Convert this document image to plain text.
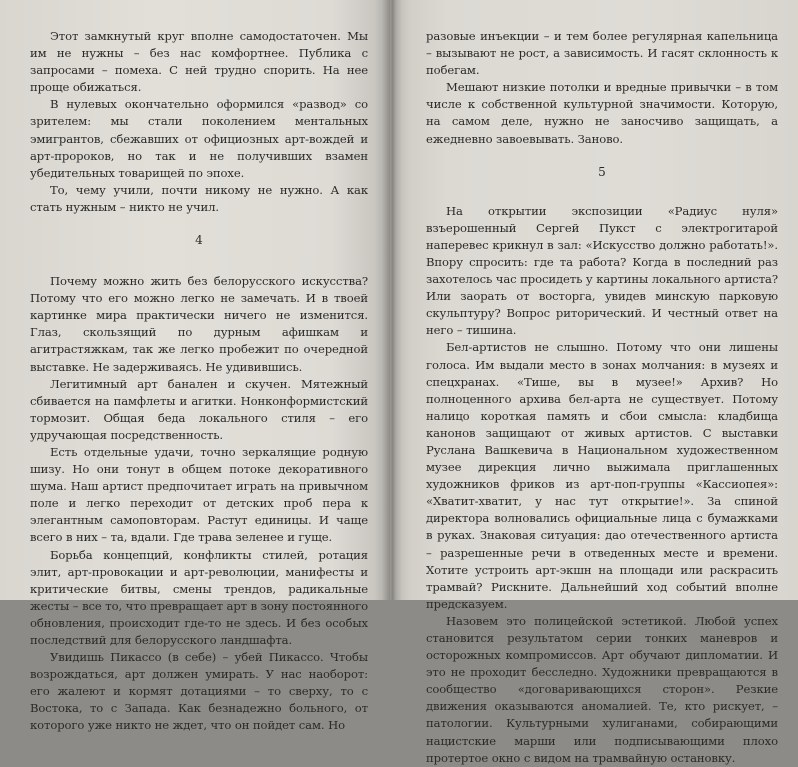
Этот замкнутый круг вполне самодостаточен. Мы им не нужны – без нас комфортнее. Публика с запросами – помеха. С ней трудно спорить. На нее проще обижаться.

В нулевых окончательно оформился «развод» со зрителем: мы стали поколением ментальных эмигрантов, сбежавших от официозных арт-вождей и арт-пророков, но так и не получивших взамен убедительных товарищей по эпохе.

То, чему учили, почти никому не нужно. А как стать нужным – никто не учил.

4

Почему можно жить без белорусского искусства? Потому что его можно легко не замечать. И в твоей картинке мира практически ничего не изменится. Глаз, скользящий по дурным афишкам и агитрастяжкам, так же легко пробежит по очередной выставке. Не задерживаясь. Не удивившись.

Легитимный арт банален и скучен. Мятежный сбивается на памфлеты и агитки. Нонконформистский тормозит. Общая беда локального стиля – его удручающая посредственность.

Есть отдельные удачи, точно зеркалящие родную шизу. Но они тонут в общем потоке декоративного шума. Наш артист предпочитает играть на привычном поле и легко переходит от детских проб пера к элегантным самоповторам. Растут единицы. И чаще всего в них – та, вдали. Где трава зеленее и гуще.

Борьба концепций, конфликты стилей, ротация элит, арт-провокации и арт-революции, манифесты и критические битвы, смены трендов, радикальные жесты – все то, что превращает арт в зону постоянного обновления, происходит где-то не здесь. И без особых последствий для белорусского ландшафта.

Увидишь Пикассо (в себе) – убей Пикассо. Чтобы возрождаться, арт должен умирать. У нас наоборот: его жалеют и кормят дотациями – то сверху, то с Востока, то с Запада. Как безнадежно больного, от которого уже никто не ждет, что он пойдет сам. Но

разовые инъекции – и тем более регулярная капельница – вызывают не рост, а зависимость. И гасят склонность к побегам.

Мешают низкие потолки и вредные привычки – в том числе к собственной культурной значимости. Которую, на самом деле, нужно не заносчиво защищать, а ежедневно завоевывать. Заново.

5

На открытии экспозиции «Радиус нуля» взъерошенный Сергей Пукст с электрогитарой наперевес крикнул в зал: «Искусство должно работать!». Впору спросить: где та работа? Когда в последний раз захотелось час просидеть у картины локального артиста? Или заорать от восторга, увидев минскую парковую скульптуру? Вопрос риторический. И честный ответ на него – тишина.

Бел-артистов не слышно. Потому что они лишены голоса. Им выдали место в зонах молчания: в музеях и спецхранах. «Тише, вы в музее!» Архив? Но полноценного архива бел-арта не существует. Потому налицо короткая память и сбои смысла: кладбища канонов защищают от живых артистов. С выставки Руслана Вашкевича в Национальном художественном музее дирекция лично выжимала приглашенных художников фриков из арт-поп-группы «Кассиопея»: «Хватит-хватит, у нас тут открытие!». За спиной директора волновались официальные лица с бумажками в руках. Знаковая ситуация: дао отечественного артиста – разрешенные речи в отведенных месте и времени. Хотите устроить арт-экшн на площади или раскрасить трамвай? Рискните. Дальнейший ход событий вполне предсказуем.

Назовем это полицейской эстетикой. Любой успех становится результатом серии тонких маневров и осторожных компромиссов. Арт обучают дипломатии. И это не проходит бесследно. Художники превращаются в сообщество «договаривающихся сторон». Резкие движения оказываются аномалией. Те, кто рискует, – патологии. Культурными хулиганами, собирающими нацистские марши или подписывающими плохо протертое окно с видом на трамвайную остановку.
